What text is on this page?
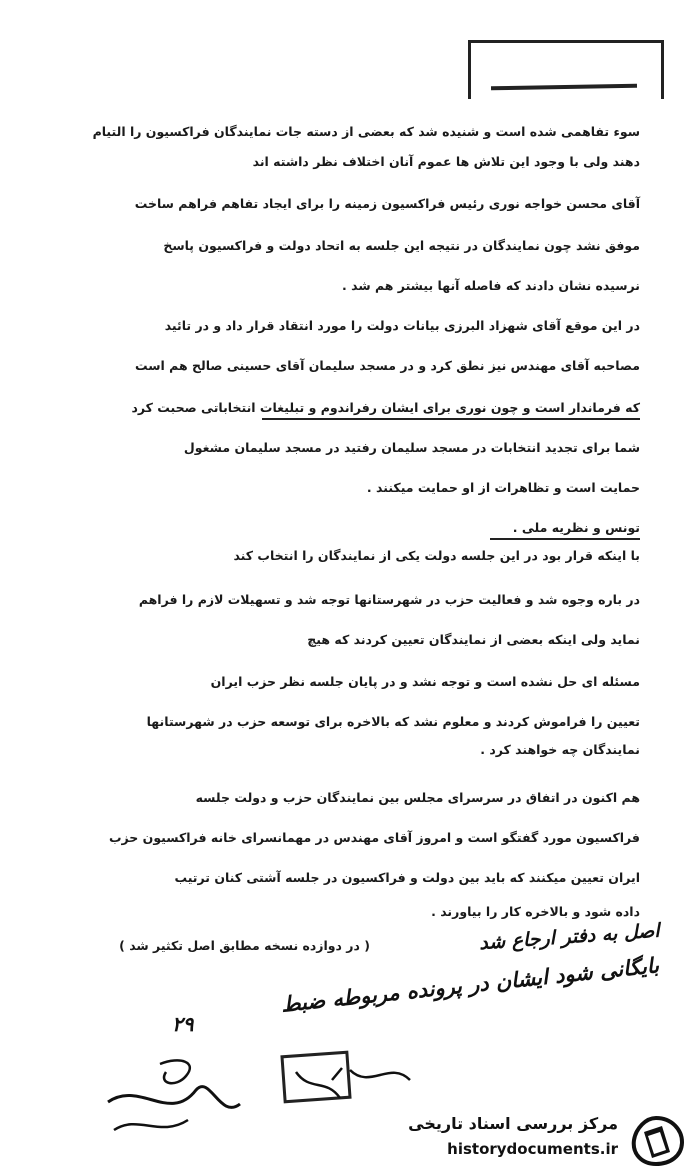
سوء تفاهمی شده است و شنیده شد که بعضی از دسته جات نمایندگان فراکسیون را التیام
دهند ولی با وجود این تلاش ها عموم آنان اختلاف نظر داشته اند
آقای محسن خواجه نوری رئیس فراکسیون زمینه را برای ایجاد تفاهم فراهم ساخت
موفق نشد چون نمایندگان در نتیجه این جلسه به اتحاد دولت و فراکسیون پاسخ
نرسیده نشان دادند که فاصله آنها بیشتر هم شد .
در این موقع آقای شهزاد البرزی بیانات دولت را مورد انتقاد قرار داد و در تائید
مصاحبه آقای مهندس نیز نطق کرد و در مسجد سلیمان آقای حسینی صالح هم است
که فرماندار است و چون نوری برای ایشان رفراندوم و تبلیغات انتخاباتی صحبت کرد
شما برای تجدید انتخابات در مسجد سلیمان رفتید در مسجد سلیمان مشغول
حمایت است و تظاهرات از او حمایت میکنند .
تونس و نظریه ملی .
با اینکه قرار بود در این جلسه دولت یکی از نمایندگان را انتخاب کند
در باره وجوه شد و فعالیت حزب در شهرستانها توجه شد و تسهیلات لازم را فراهم
نماید ولی اینکه بعضی از نمایندگان تعیین کردند که هیچ
مسئله ای حل نشده است و توجه نشد و در پایان جلسه نظر حزب ایران
تعیین را فراموش کردند و معلوم نشد که بالاخره برای توسعه حزب در شهرستانها
نمایندگان چه خواهند کرد .
هم اکنون در اتفاق در سرسرای مجلس بین نمایندگان حزب و دولت جلسه
فراکسیون مورد گفتگو است و امروز آقای مهندس در مهمانسرای خانه فراکسیون حزب
ایران تعیین میکنند که باید بین دولت و فراکسیون در جلسه آشتی کنان ترتیب
داده شود و بالاخره کار را بیاورند .
( در دوازده نسخه مطابق اصل تکثیر شد )	اصل به دفتر ارجاع شد
بایگانی شود ایشان در پرونده مربوطه ضبط
۲۹
مرکز بررسی اسناد تاریخی
historydocuments.ir
